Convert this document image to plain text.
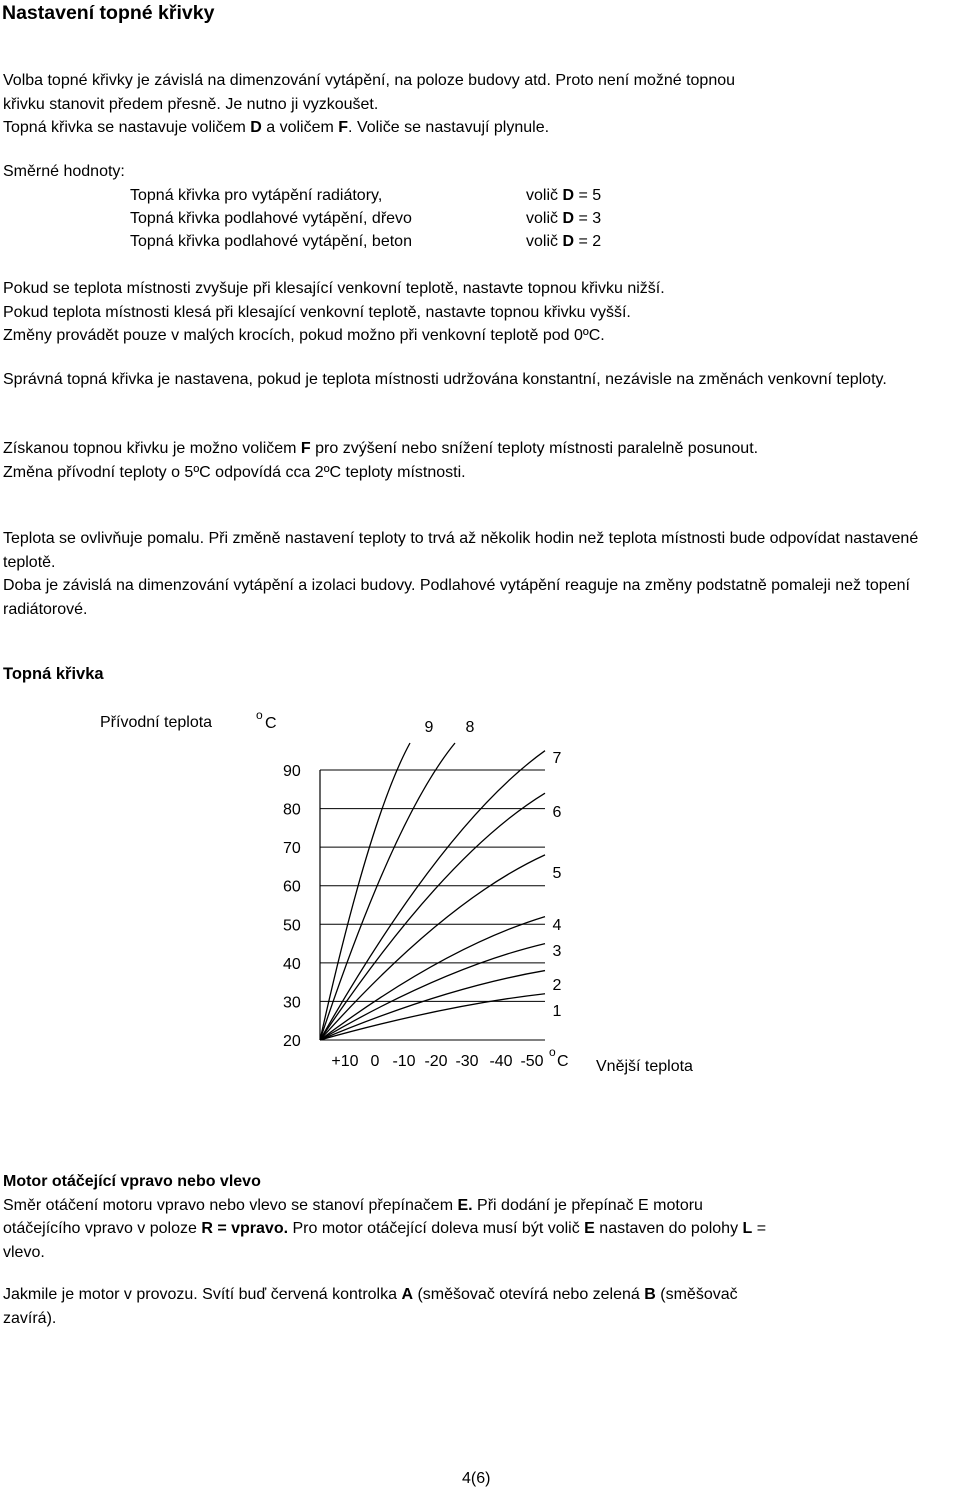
Nastavení topné křivky
Volba topné křivky je závislá na dimenzování vytápění, na poloze budovy atd. Proto není možné topnou
křivku stanovit předem přesně. Je nutno ji vyzkoušet.
Topná křivka se nastavuje voličem D a voličem F. Voliče se nastavují plynule.
Směrné hodnoty:
Topná křivka pro vytápění radiátory,	volič D = 5
Topná křivka podlahové vytápění, dřevo	volič D = 3
Topná křivka podlahové vytápění, beton	volič D = 2
Pokud se teplota místnosti zvyšuje při klesající venkovní teplotě, nastavte topnou křivku nižší.
Pokud teplota místnosti klesá při klesající venkovní teplotě, nastavte topnou křivku vyšší.
Změny provádět pouze v malých krocích, pokud možno při venkovní teplotě pod 0ºC.
Správná topná křivka je nastavena, pokud je teplota místnosti udržována konstantní, nezávisle na změnách venkovní teploty.
Získanou topnou křivku je možno voličem F pro zvýšení nebo snížení teploty místnosti paralelně posunout.
Změna přívodní teploty o 5ºC odpovídá cca 2ºC teploty místnosti.
Teplota se ovlivňuje pomalu. Při změně nastavení teploty to trvá až několik hodin než teplota místnosti bude odpovídat nastavené teplotě.
Doba je závislá na dimenzování vytápění a izolaci budovy. Podlahové vytápění reaguje na změny podstatně pomaleji než topení radiátorové.
Topná křivka
Přívodní teplota	o C
Vnější teplota
o
C
90
80
70
60
50
40
30
20
+10 0 -10 -20 -30 -40 -50
1
2
3
4
5
6
7
8
9
Motor otáčející vpravo nebo vlevo
Směr otáčení motoru vpravo nebo vlevo se stanoví přepínačem E. Při dodání je přepínač E motoru
otáčejícího vpravo v poloze R = vpravo. Pro motor otáčející doleva musí být volič E nastaven do polohy L =
vlevo.
Jakmile je motor v provozu. Svítí buď červená kontrolka A (směšovač otevírá nebo zelená B (směšovač
zavírá).
4(6)
